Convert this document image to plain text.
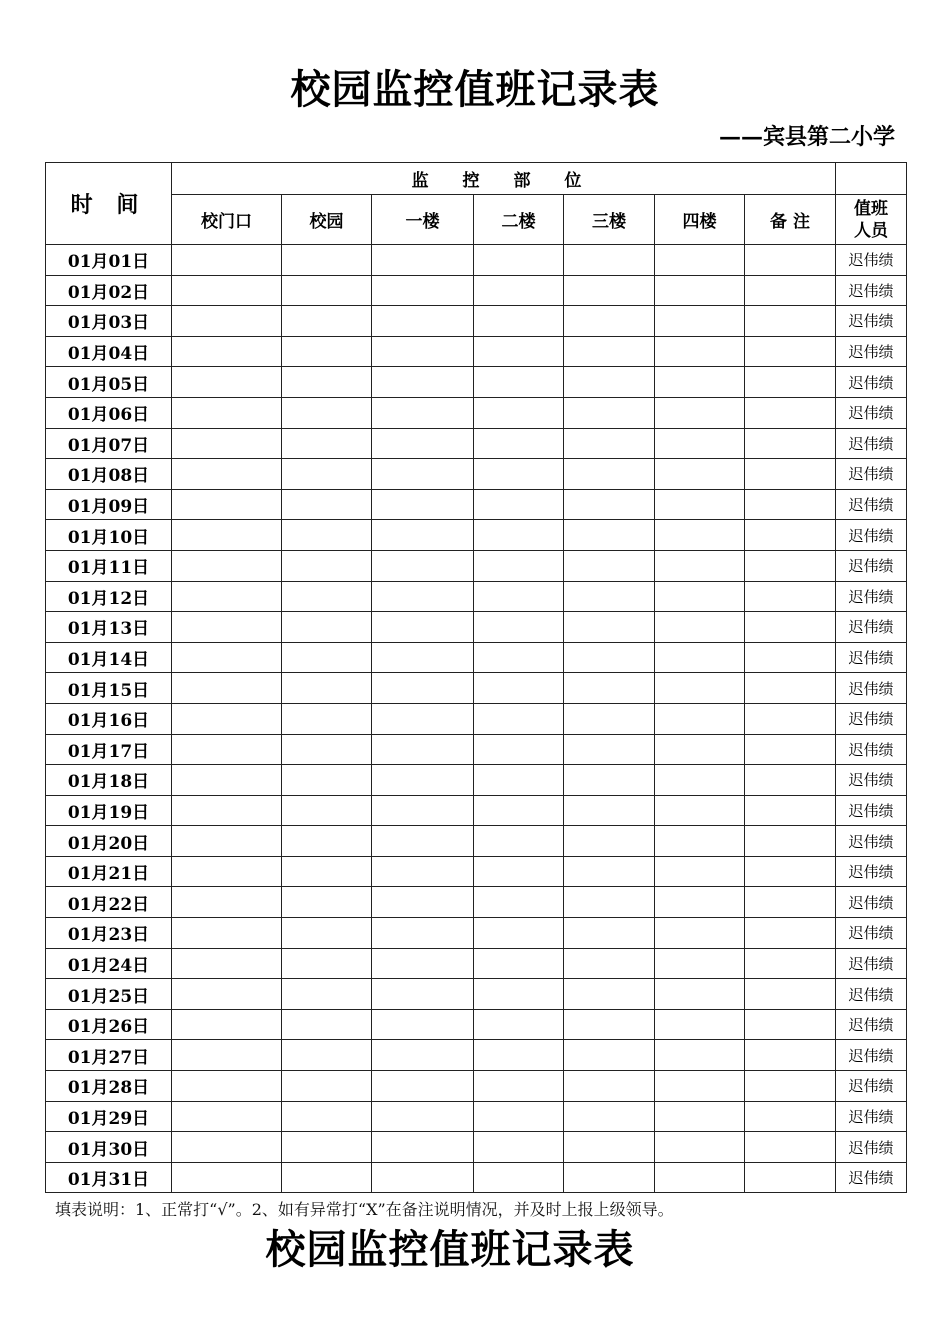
校园监控值班记录表
——宾县第二小学
时 间	监 控 部 位							
	校门口	校园	一楼	二楼	三楼	四楼	备 注	值班
人员

01月01日								迟伟绩
01月02日								迟伟绩
01月03日								迟伟绩
01月04日								迟伟绩
01月05日								迟伟绩
01月06日								迟伟绩
01月07日								迟伟绩
01月08日								迟伟绩
01月09日								迟伟绩
01月10日								迟伟绩
01月11日								迟伟绩
01月12日								迟伟绩
01月13日								迟伟绩
01月14日								迟伟绩
01月15日								迟伟绩
01月16日								迟伟绩
01月17日								迟伟绩
01月18日								迟伟绩
01月19日								迟伟绩
01月20日								迟伟绩
01月21日								迟伟绩
01月22日								迟伟绩
01月23日								迟伟绩
01月24日								迟伟绩
01月25日								迟伟绩
01月26日								迟伟绩
01月27日								迟伟绩
01月28日								迟伟绩
01月29日								迟伟绩
01月30日								迟伟绩
01月31日								迟伟绩
填表说明：1、正常打“√”。2、如有异常打“X”在备注说明情况，并及时上报上级领导。
校园监控值班记录表
